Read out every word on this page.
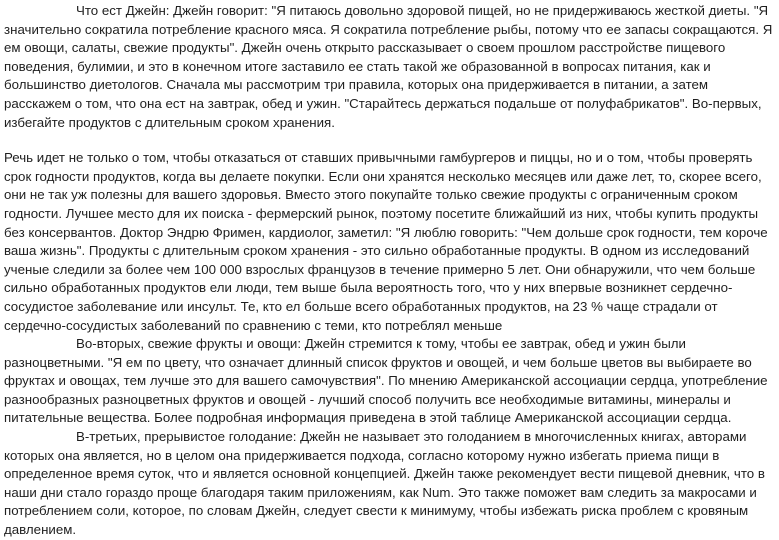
Что ест Джейн: Джейн говорит: "Я питаюсь довольно здоровой пищей, но не придерживаюсь жесткой диеты. "Я значительно сократила потребление красного мяса. Я сократила потребление рыбы, потому что ее запасы сокращаются. Я ем овощи, салаты, свежие продукты". Джейн очень открыто рассказывает о своем прошлом расстройстве пищевого поведения, булимии, и это в конечном итоге заставило ее стать такой же образованной в вопросах питания, как и большинство диетологов. Сначала мы рассмотрим три правила, которых она придерживается в питании, а затем расскажем о том, что она ест на завтрак, обед и ужин. "Старайтесь держаться подальше от полуфабрикатов". Во-первых, избегайте продуктов с длительным сроком хранения.

Речь идет не только о том, чтобы отказаться от ставших привычными гамбургеров и пиццы, но и о том, чтобы проверять срок годности продуктов, когда вы делаете покупки. Если они хранятся несколько месяцев или даже лет, то, скорее всего, они не так уж полезны для вашего здоровья. Вместо этого покупайте только свежие продукты с ограниченным сроком годности. Лучшее место для их поиска - фермерский рынок, поэтому посетите ближайший из них, чтобы купить продукты без консервантов. Доктор Эндрю Фримен, кардиолог, заметил: "Я люблю говорить: "Чем дольше срок годности, тем короче ваша жизнь". Продукты с длительным сроком хранения - это сильно обработанные продукты. В одном из исследований ученые следили за более чем 100 000 взрослых французов в течение примерно 5 лет. Они обнаружили, что чем больше сильно обработанных продуктов ели люди, тем выше была вероятность того, что у них впервые возникнет сердечно-сосудистое заболевание или инсульт. Те, кто ел больше всего обработанных продуктов, на 23 % чаще страдали от сердечно-сосудистых заболеваний по сравнению с теми, кто потреблял меньше

Во-вторых, свежие фрукты и овощи: Джейн стремится к тому, чтобы ее завтрак, обед и ужин были разноцветными. "Я ем по цвету, что означает длинный список фруктов и овощей, и чем больше цветов вы выбираете во фруктах и овощах, тем лучше это для вашего самочувствия". По мнению Американской ассоциации сердца, употребление разнообразных разноцветных фруктов и овощей - лучший способ получить все необходимые витамины, минералы и питательные вещества. Более подробная информация приведена в этой таблице Американской ассоциации сердца.

В-третьих, прерывистое голодание: Джейн не называет это голоданием в многочисленных книгах, авторами которых она является, но в целом она придерживается подхода, согласно которому нужно избегать приема пищи в определенное время суток, что и является основной концепцией. Джейн также рекомендует вести пищевой дневник, что в наши дни стало гораздо проще благодаря таким приложениям, как Num. Это также поможет вам следить за макросами и потреблением соли, которое, по словам Джейн, следует свести к минимуму, чтобы избежать риска проблем с кровяным давлением.
